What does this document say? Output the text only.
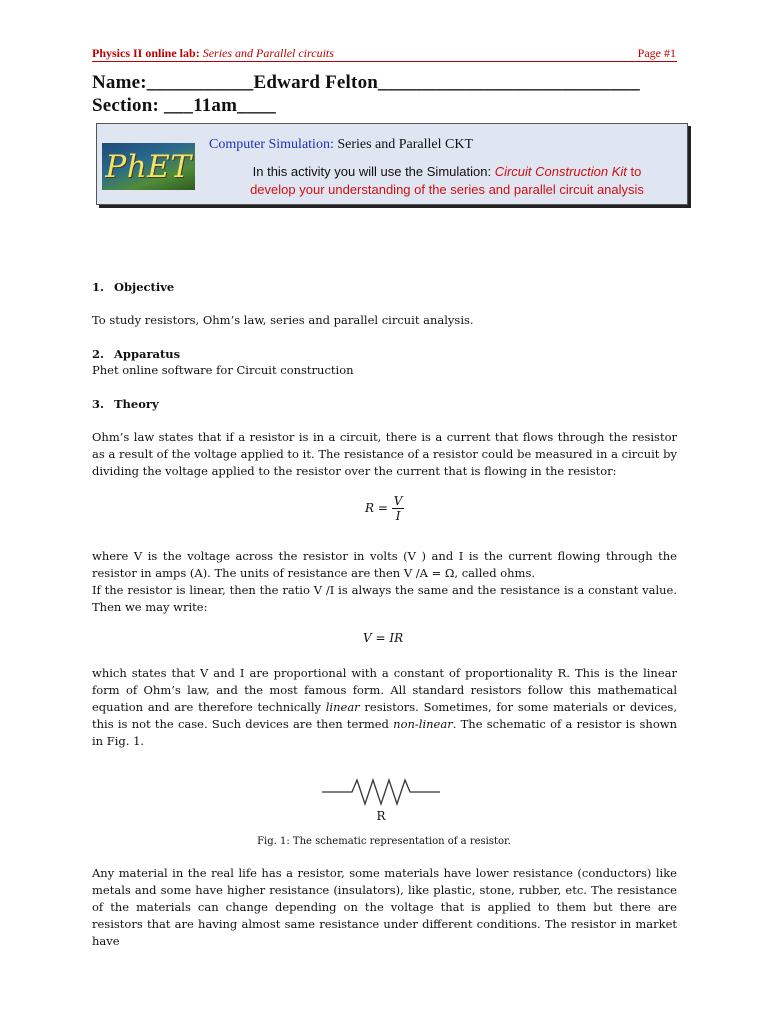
Physics II online lab: Series and Parallel circuits	Page #1
Name:___________Edward Felton___________________________
Section: ___11am____
PhET
Computer Simulation: Series and Parallel CKT
In this activity you will use the Simulation: Circuit Construction Kit to
develop your understanding of the series and parallel circuit analysis
1. Objective
To study resistors, Ohm’s law, series and parallel circuit analysis.
2. Apparatus
Phet online software for Circuit construction
3. Theory
Ohm’s law states that if a resistor is in a circuit, there is a current that flows through the resistor as a result of the voltage applied to it. The resistance of a resistor could be measured in a circuit by dividing the voltage applied to the resistor over the current that is flowing in the resistor:
$R = \frac{V}{I}$
where V is the voltage across the resistor in volts (V ) and I is the current flowing through the resistor in amps (A). The units of resistance are then V /A = Ω, called ohms.
If the resistor is linear, then the ratio V /I is always the same and the resistance is a constant value. Then we may write:
V = IR
which states that V and I are proportional with a constant of proportionality R. This is the linear form of Ohm’s law, and the most famous form. All standard resistors follow this mathematical equation and are therefore technically linear resistors. Sometimes, for some materials or devices, this is not the case. Such devices are then termed non-linear. The schematic of a resistor is shown in Fig. 1.
R
Fig. 1: The schematic representation of a resistor.
Any material in the real life has a resistor, some materials have lower resistance (conductors) like metals and some have higher resistance (insulators), like plastic, stone, rubber, etc. The resistance of the materials can change depending on the voltage that is applied to them but there are resistors that are having almost same resistance under different conditions. The resistor in market have
